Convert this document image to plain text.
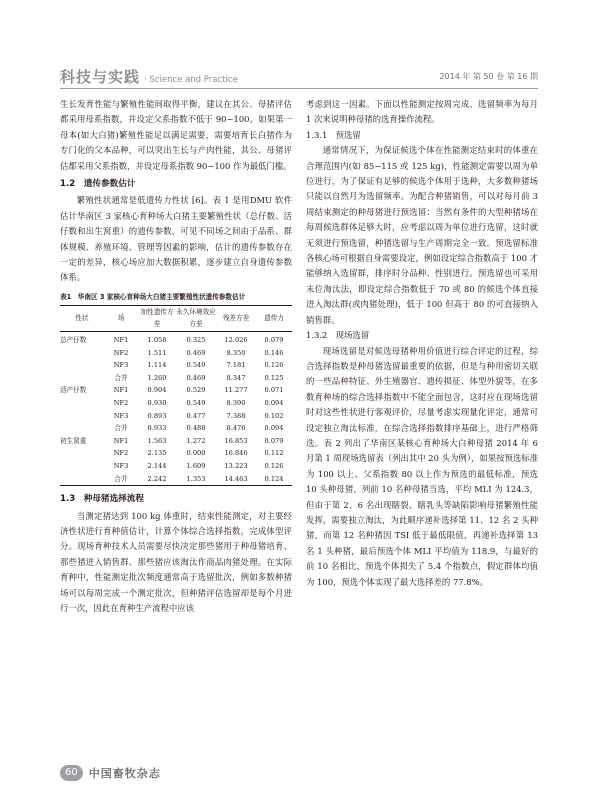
科技与实践 · Science and Practice	2014 年 第 50 卷 第 16 期

生长发育性能与繁殖性能间取得平衡，建议在其公、母猪评估都采用母系指数，并设定父系指数不低于 90~100。如果第一母本(如大白猪)繁殖性能足以满足需要，需要培育长白猪作为专门化的父本品种，可以突出生长与产肉性能，其公、母猪评估都采用父系指数，并设定母系指数 90~100 作为最低门槛。

1.2　遗传参数估计

繁殖性状通常是低遗传力性状 [6]。表 1 是用DMU 软件估计华南区 3 家核心育种场大白猪主要繁殖性状（总仔数、活仔数和出生窝重）的遗传参数，可见不同场之间由于品系、群体规模、养殖环境、管理等因素的影响，估计的遗传参数存在一定的差异，核心场应加大数据积累，逐步建立自身遗传参数体系。

表1　华南区 3 家核心育种场大白猪主要繁殖性状遗传参数估计
性状	场	加性遗传方差	永久环境效应方差	残差方差	遗传力
总产仔数	NF1	1.058	0.325	12.026	0.079
	NF2	1.511	0.469	8.350	0.146
	NF3	1.114	0.549	7.181	0.126
	合并	1.260	0.469	8.347	0.125
活产仔数	NF1	0.904	0.529	11.277	0.071
	NF2	0.930	0.549	8.390	0.094
	NF3	0.893	0.477	7.388	0.102
	合并	0.933	0.488	8.476	0.094
初生窝重	NF1	1.563	1.272	16.853	0.079
	NF2	2.135	0.000	16.846	0.112
	NF3	2.144	1.609	13.223	0.126
	合并	2.242	1.353	14.463	0.124
1.3　种母猪选择流程

当测定猪达到 100 kg 体重时，结束性能测定，对主要经济性状进行育种值估计，计算个体综合选择指数，完成体型评分。现场育种技术人员需要尽快决定那些猪用于种母猪培育、那些猪进入销售群、那些猪应该淘汰作商品肉猪处理。在实际育种中，性能测定批次频度通常高于选留批次，例如多数种猪场可以每周完成一个测定批次，但种猪评估选留却是每个月进行一次，因此在育种生产流程中应该

考虑到这一因素。下面以性能测定按周完成、选留频率为每月 1 次来说明种母猪的选育操作流程。

1.3.1　预选留

通常情况下，为保证候选个体在性能测定结束时的体重在合理范围内(如 85~115 或 125 kg)，性能测定需要以周为单位进行，为了保证有足够的候选个体用于选种，大多数种猪场只能以自然月为选留频率。为配合种猪销售，可以对每月前 3 周结束测定的种母猪进行预选留：当然有条件的大型种猪场在每周候选群体足够大时，应考虑以周为单位进行选留，这时就无须进行预选留，种猪选留与生产周期完全一致。预选留标准各核心场可根据自身需要设定，例如设定综合指数高于 100 才能够纳入选留群，排序时分品种、性别进行。预选留也可采用末位淘汰法，即设定综合指数低于 70 或 80 的候选个体直接进入淘汰群(或肉猪处理)，低于 100 但高于 80 的可直接纳入销售群。

1.3.2　现场选留

现场选留是对候选母猪种用价值进行综合评定的过程，综合选择指数是种母猪选留最重要的依据，但是与种用密切关联的一些品种特征、外生殖器官、遗传损征、体型外貌等，在多数育种场的综合选择指数中不能全面包含，这时应在现场选留时对这些性状进行客观评价，尽量考虑实现量化评定，通常可设定独立淘汰标准，在综合选择指数排序基础上，进行严格筛选。表 2 列出了华南区某核心育种场大白种母猪 2014 年 6 月第 1 周现场选留表（列出其中 20 头为例），如果按预选标准为 100 以上、父系指数 80 以上作为预选的最低标准，预选 10 头种母猪，列前 10 名种母猪当选，平均 MLI 为 124.3，但由于第 2、6 名出现瞎裂、瞎乳头等缺陷影响母猪繁殖性能发挥，需要独立淘汰，为此顺序递补选择第 11、12 名 2 头种猪，而第 12 名种猪因 TSI 低于最低限值，再递补选择第 13 名 1 头种猪，最后预选个体 MLI 平均值为 118.9，与最好的前 10 名相比，预选个体损失了 5.4 个指数点，假定群体均值为 100，预选个体实现了最大选择差的 77.8%。

60	中国畜牧杂志
